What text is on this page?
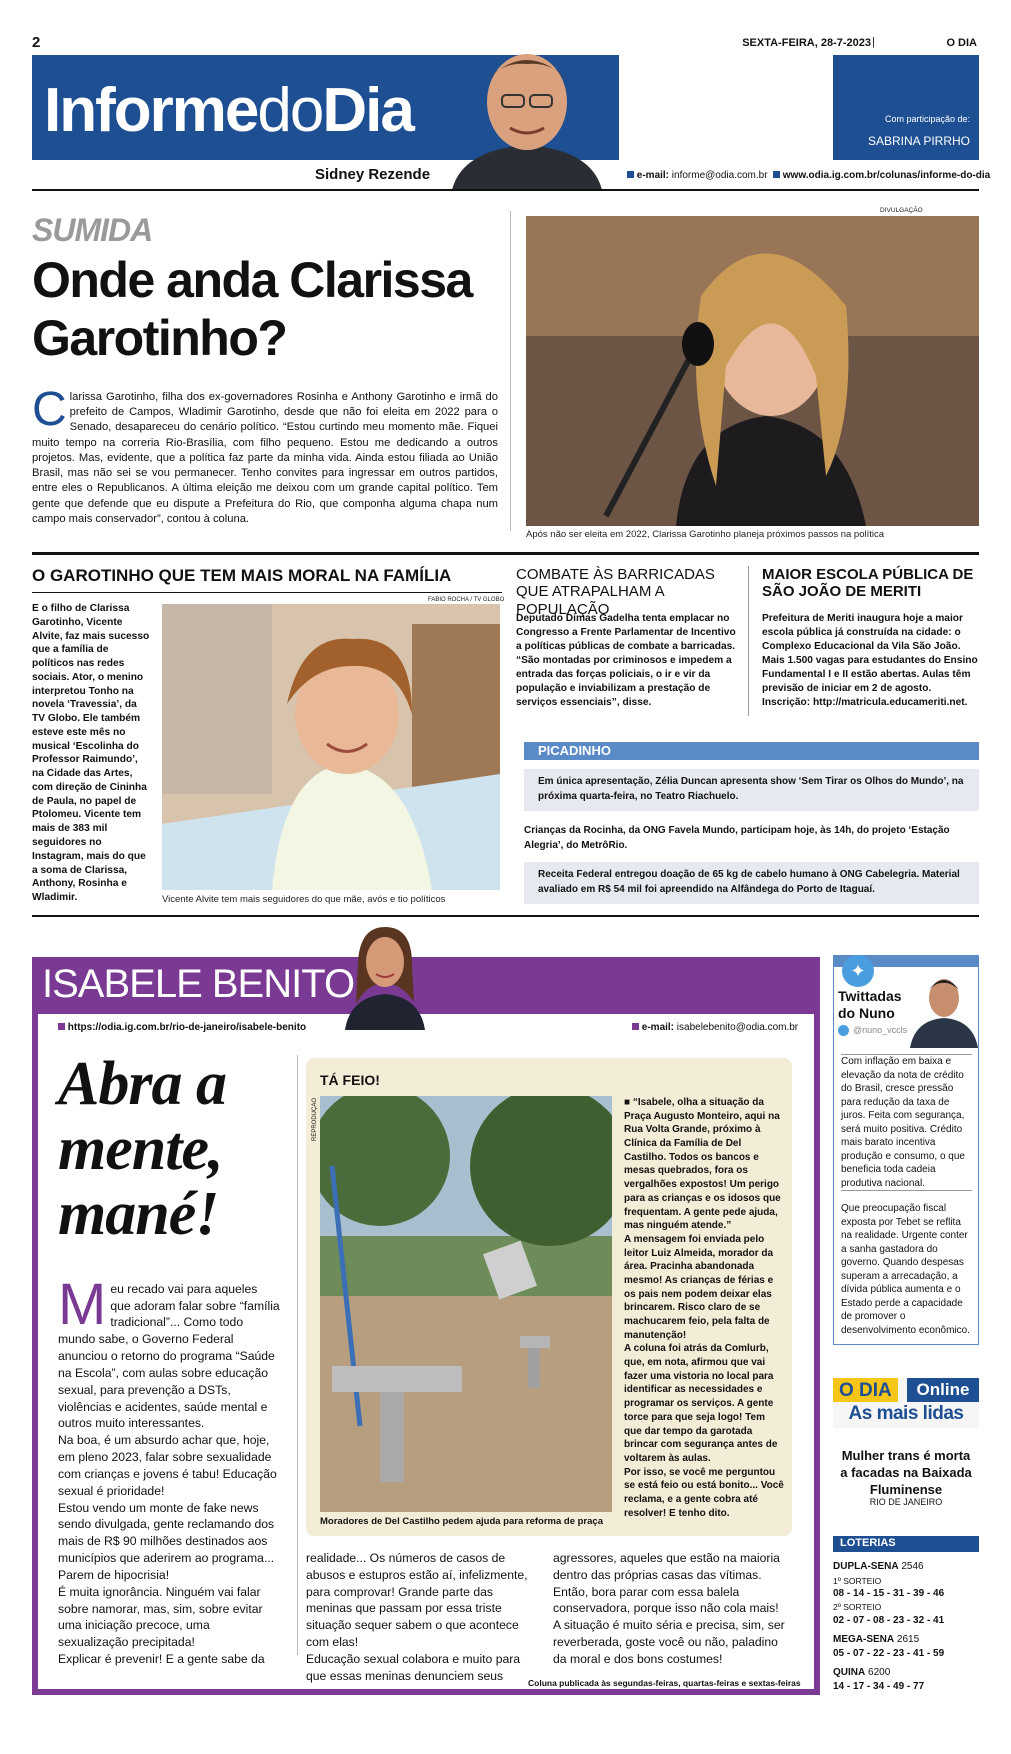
2	SEXTA-FEIRA, 28-7-2023 |	O DIA
InformedoDia	Com participação de:
SABRINA PIRRHO
Sidney Rezende	e-mail: informe@odia.com.br	www.odia.ig.com.br/colunas/informe-do-dia
SUMIDA
Onde anda Clarissa Garotinho?
Clarissa Garotinho, filha dos ex-governadores Rosinha e Anthony Garotinho e irmã do prefeito de Campos, Wladimir Garotinho, desde que não foi eleita em 2022 para o Senado, desapareceu do cenário político. “Estou curtindo meu momento mãe. Fiquei muito tempo na correria Rio-Brasília, com filho pequeno. Estou me dedicando a outros projetos. Mas, evidente, que a política faz parte da minha vida. Ainda estou filiada ao União Brasil, mas não sei se vou permanecer. Tenho convites para ingressar em outros partidos, entre eles o Republicanos. A última eleição me deixou com um grande capital político. Tem gente que defende que eu dispute a Prefeitura do Rio, que componha alguma chapa num campo mais conservador”, contou à coluna.
DIVULGAÇÃO
Após não ser eleita em 2022, Clarissa Garotinho planeja próximos passos na política
O GAROTINHO QUE TEM MAIS MORAL NA FAMÍLIA
E o filho de Clarissa Garotinho, Vicente Alvite, faz mais sucesso que a família de políticos nas redes sociais. Ator, o menino interpretou Tonho na novela ‘Travessia’, da TV Globo. Ele também esteve este mês no musical ‘Escolinha do Professor Raimundo’, na Cidade das Artes, com direção de Cininha de Paula, no papel de Ptolomeu. Vicente tem mais de 383 mil seguidores no Instagram, mais do que a soma de Clarissa, Anthony, Rosinha e Wladimir.
FABIO ROCHA / TV GLOBO
Vicente Alvite tem mais seguidores do que mãe, avós e tio políticos
COMBATE ÀS BARRICADAS QUE ATRAPALHAM A POPULAÇÃO
Deputado Dimas Gadelha tenta emplacar no Congresso a Frente Parlamentar de Incentivo a políticas públicas de combate a barricadas. “São montadas por criminosos e impedem a entrada das forças policiais, o ir e vir da população e inviabilizam a prestação de serviços essenciais”, disse.
MAIOR ESCOLA PÚBLICA DE SÃO JOÃO DE MERITI
Prefeitura de Meriti inaugura hoje a maior escola pública já construída na cidade: o Complexo Educacional da Vila São João. Mais 1.500 vagas para estudantes do Ensino Fundamental I e II estão abertas. Aulas têm previsão de iniciar em 2 de agosto. Inscrição: http://matricula.educameriti.net.
PICADINHO
Em única apresentação, Zélia Duncan apresenta show ‘Sem Tirar os Olhos do Mundo’, na próxima quarta-feira, no Teatro Riachuelo.
Crianças da Rocinha, da ONG Favela Mundo, participam hoje, às 14h, do projeto ‘Estação Alegria’, do MetrôRio.
Receita Federal entregou doação de 65 kg de cabelo humano à ONG Cabelegria. Material avaliado em R$ 54 mil foi apreendido na Alfândega do Porto de Itaguaí.
ISABELE BENITO
https://odia.ig.com.br/rio-de-janeiro/isabele-benito	e-mail: isabelebenito@odia.com.br
Abra a mente, mané!

Meu recado vai para aqueles que adoram falar sobre “família tradicional”... Como todo mundo sabe, o Governo Federal anunciou o retorno do programa “Saúde na Escola”, com aulas sobre educação sexual, para prevenção a DSTs, violências e acidentes, saúde mental e outros muito interessantes.
Na boa, é um absurdo achar que, hoje, em pleno 2023, falar sobre sexualidade com crianças e jovens é tabu! Educação sexual é prioridade!
Estou vendo um monte de fake news sendo divulgada, gente reclamando dos mais de R$ 90 milhões destinados aos municípios que aderirem ao programa... Parem de hipocrisia!
É muita ignorância. Ninguém vai falar sobre namorar, mas, sim, sobre evitar uma iniciação precoce, uma sexualização precipitada!
Explicar é prevenir! E a gente sabe da

TÁ FEIO!
REPRODUÇÃO
Moradores de Del Castilho pedem ajuda para reforma de praça
■ “Isabele, olha a situação da Praça Augusto Monteiro, aqui na Rua Volta Grande, próximo à Clínica da Família de Del Castilho. Todos os bancos e mesas quebrados, fora os vergalhões expostos! Um perigo para as crianças e os idosos que frequentam. A gente pede ajuda, mas ninguém atende.”
A mensagem foi enviada pelo leitor Luiz Almeida, morador da área. Pracinha abandonada mesmo! As crianças de férias e os pais nem podem deixar elas brincarem. Risco claro de se machucarem feio, pela falta de manutenção!
A coluna foi atrás da Comlurb, que, em nota, afirmou que vai fazer uma vistoria no local para identificar as necessidades e programar os serviços. A gente torce para que seja logo! Tem que dar tempo da garotada brincar com segurança antes de voltarem às aulas.
Por isso, se você me perguntou se está feio ou está bonito... Você reclama, e a gente cobra até resolver! E tenho dito.
realidade... Os números de casos de abusos e estupros estão aí, infelizmente, para comprovar! Grande parte das meninas que passam por essa triste situação sequer sabem o que acontece com elas!
Educação sexual colabora e muito para que essas meninas denunciem seus
agressores, aqueles que estão na maioria dentro das próprias casas das vítimas.
Então, bora parar com essa balela conservadora, porque isso não cola mais! A situação é muito séria e precisa, sim, ser reverberada, goste você ou não, paladino da moral e dos bons costumes!
Coluna publicada às segundas-feiras, quartas-feiras e sextas-feiras
✦
Twittadas
do Nuno
@nuno_vccls
Com inflação em baixa e elevação da nota de crédito do Brasil, cresce pressão para redução da taxa de juros. Feita com segurança, será muito positiva. Crédito mais barato incentiva produção e consumo, o que beneficia toda cadeia produtiva nacional.
Que preocupação fiscal exposta por Tebet se reflita na realidade. Urgente conter a sanha gastadora do governo. Quando despesas superam a arrecadação, a dívida pública aumenta e o Estado perde a capacidade de promover o desenvolvimento econômico.
O DIA	Online
As mais lidas
Mulher trans é morta a facadas na Baixada Fluminense
RIO DE JANEIRO
LOTERIAS
DUPLA-SENA 2546
1º SORTEIO
08 - 14 - 15 - 31 - 39 - 46
2º SORTEIO
02 - 07 - 08 - 23 - 32 - 41
MEGA-SENA 2615
05 - 07 - 22 - 23 - 41 - 59
QUINA 6200
14 - 17 - 34 - 49 - 77
